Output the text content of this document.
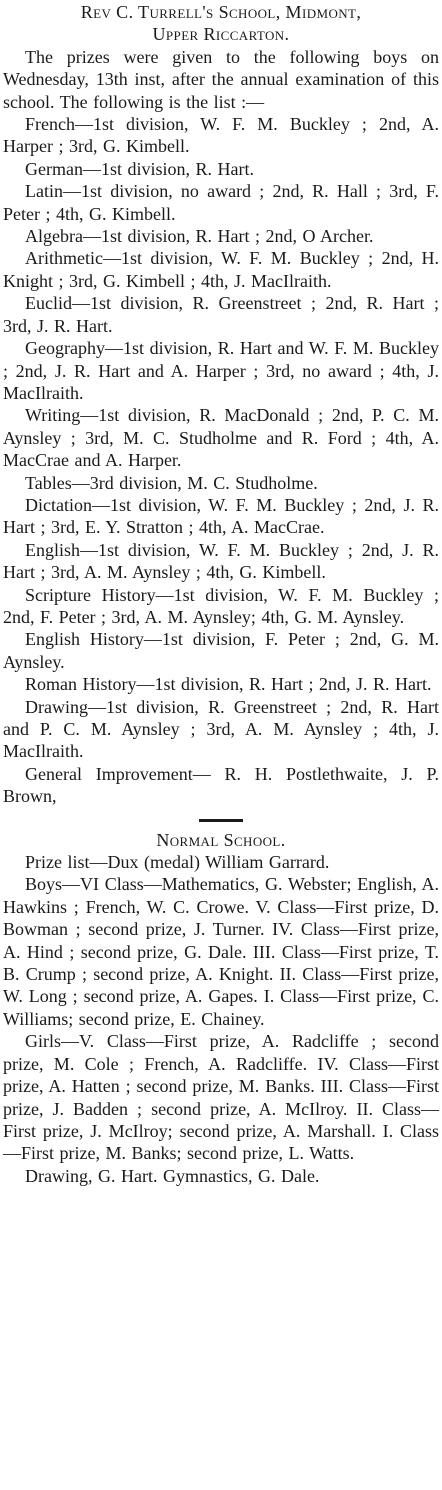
Rev C. Turrell's School, Midmont,
Upper Riccarton.

The prizes were given to the following boys on Wednesday, 13th inst, after the annual examination of this school. The following is the list :—

French—1st division, W. F. M. Buckley ; 2nd, A. Harper ; 3rd, G. Kimbell.

German—1st division, R. Hart.

Latin—1st division, no award ; 2nd, R. Hall ; 3rd, F. Peter ; 4th, G. Kimbell.

Algebra—1st division, R. Hart ; 2nd, O Archer.

Arithmetic—1st division, W. F. M. Buckley ; 2nd, H. Knight ; 3rd, G. Kimbell ; 4th, J. MacIlraith.

Euclid—1st division, R. Greenstreet ; 2nd, R. Hart ; 3rd, J. R. Hart.

Geography—1st division, R. Hart and W. F. M. Buckley ; 2nd, J. R. Hart and A. Harper ; 3rd, no award ; 4th, J. MacIlraith.

Writing—1st division, R. MacDonald ; 2nd, P. C. M. Aynsley ; 3rd, M. C. Studholme and R. Ford ; 4th, A. MacCrae and A. Harper.

Tables—3rd division, M. C. Studholme.

Dictation—1st division, W. F. M. Buckley ; 2nd, J. R. Hart ; 3rd, E. Y. Stratton ; 4th, A. MacCrae.

English—1st division, W. F. M. Buckley ; 2nd, J. R. Hart ; 3rd, A. M. Aynsley ; 4th, G. Kimbell.

Scripture History—1st division, W. F. M. Buckley ; 2nd, F. Peter ; 3rd, A. M. Aynsley; 4th, G. M. Aynsley.

English History—1st division, F. Peter ; 2nd, G. M. Aynsley.

Roman History—1st division, R. Hart ; 2nd, J. R. Hart.

Drawing—1st division, R. Greenstreet ; 2nd, R. Hart and P. C. M. Aynsley ; 3rd, A. M. Aynsley ; 4th, J. MacIlraith.

General Improvement— R. H. Postlethwaite, J. P. Brown,

Normal School.

Prize list—Dux (medal) William Garrard.

Boys—VI Class—Mathematics, G. Webster; English, A. Hawkins ; French, W. C. Crowe. V. Class—First prize, D. Bowman ; second prize, J. Turner. IV. Class—First prize, A. Hind ; second prize, G. Dale. III. Class—First prize, T. B. Crump ; second prize, A. Knight. II. Class—First prize, W. Long ; second prize, A. Gapes. I. Class—First prize, C. Williams; second prize, E. Chainey.

Girls—V. Class—First prize, A. Radcliffe ; second prize, M. Cole ; French, A. Radcliffe. IV. Class—First prize, A. Hatten ; second prize, M. Banks. III. Class—First prize, J. Badden ; second prize, A. McIlroy. II. Class—First prize, J. McIlroy; second prize, A. Marshall. I. Class—First prize, M. Banks; second prize, L. Watts.

Drawing, G. Hart. Gymnastics, G. Dale.
